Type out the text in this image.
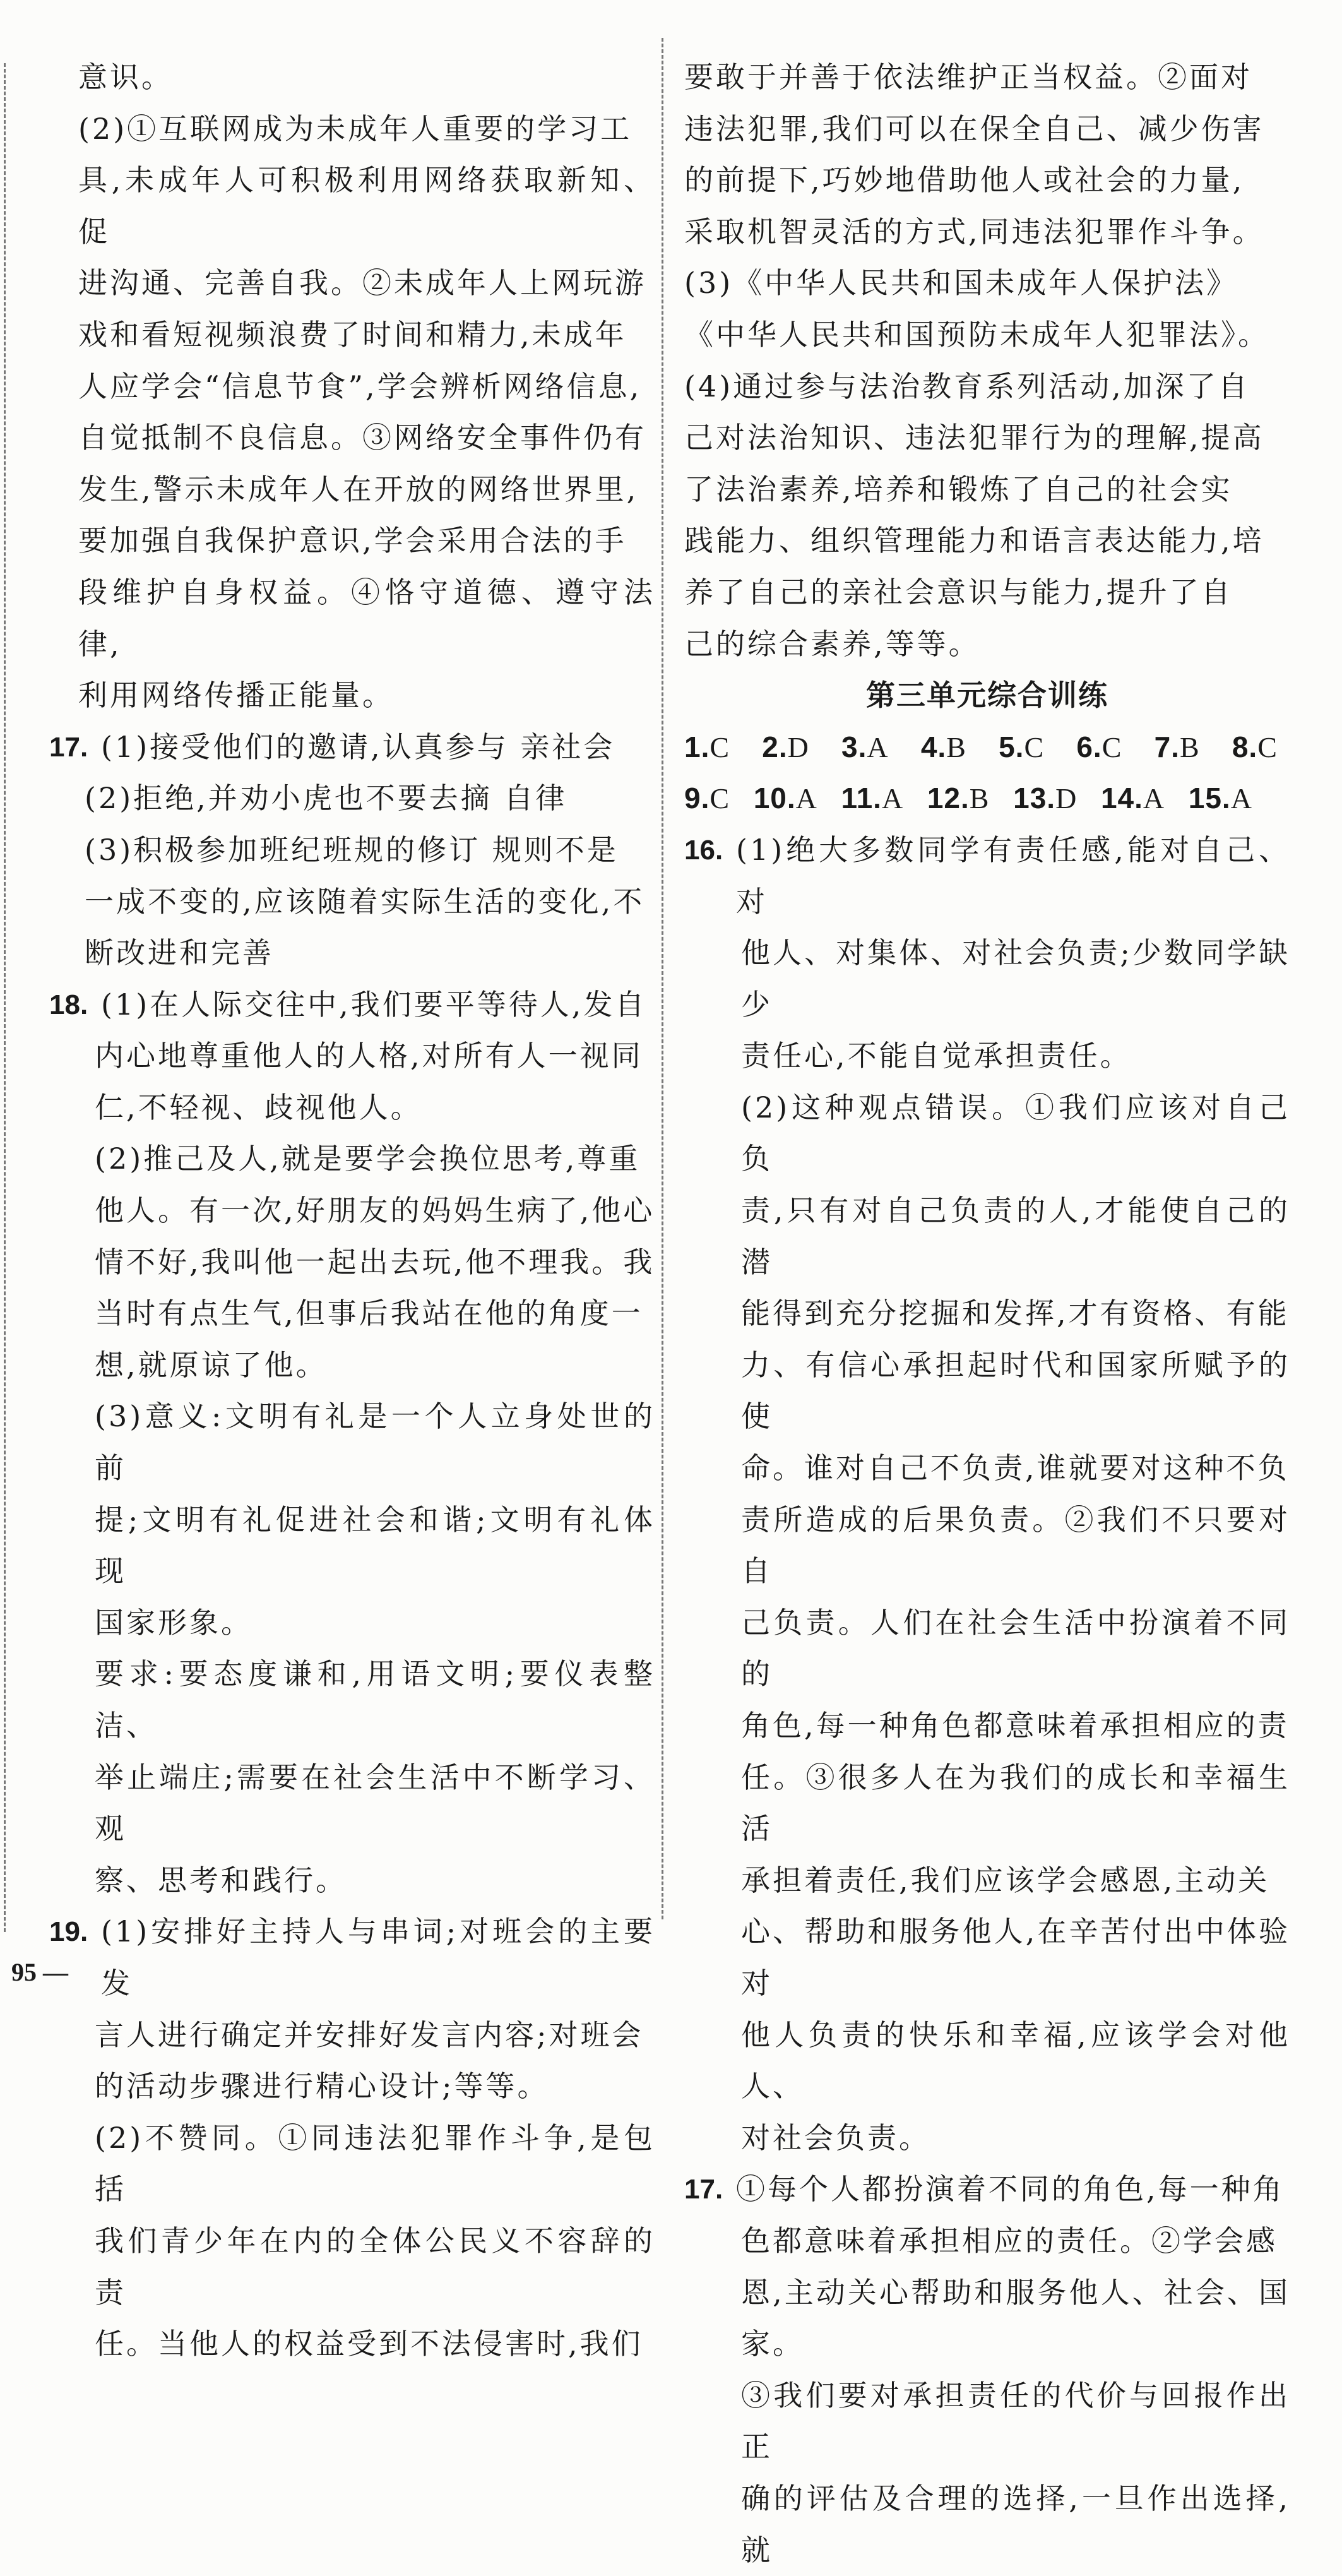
意识。

(2)①互联网成为未成年人重要的学习工

具,未成年人可积极利用网络获取新知、促

进沟通、完善自我。②未成年人上网玩游

戏和看短视频浪费了时间和精力,未成年

人应学会“信息节食”,学会辨析网络信息,

自觉抵制不良信息。③网络安全事件仍有

发生,警示未成年人在开放的网络世界里,

要加强自我保护意识,学会采用合法的手

段维护自身权益。④恪守道德、遵守法律,

利用网络传播正能量。

17. (1)接受他们的邀请,认真参与 亲社会

(2)拒绝,并劝小虎也不要去摘 自律

(3)积极参加班纪班规的修订 规则不是

一成不变的,应该随着实际生活的变化,不

断改进和完善

18. (1)在人际交往中,我们要平等待人,发自

内心地尊重他人的人格,对所有人一视同

仁,不轻视、歧视他人。

(2)推己及人,就是要学会换位思考,尊重

他人。有一次,好朋友的妈妈生病了,他心

情不好,我叫他一起出去玩,他不理我。我

当时有点生气,但事后我站在他的角度一

想,就原谅了他。

(3)意义:文明有礼是一个人立身处世的前

提;文明有礼促进社会和谐;文明有礼体现

国家形象。

要求:要态度谦和,用语文明;要仪表整洁、

举止端庄;需要在社会生活中不断学习、观

察、思考和践行。

19. (1)安排好主持人与串词;对班会的主要发

言人进行确定并安排好发言内容;对班会

的活动步骤进行精心设计;等等。

(2)不赞同。①同违法犯罪作斗争,是包括

我们青少年在内的全体公民义不容辞的责

任。当他人的权益受到不法侵害时,我们

要敢于并善于依法维护正当权益。②面对

违法犯罪,我们可以在保全自己、减少伤害

的前提下,巧妙地借助他人或社会的力量,

采取机智灵活的方式,同违法犯罪作斗争。

(3)《中华人民共和国未成年人保护法》

《中华人民共和国预防未成年人犯罪法》。

(4)通过参与法治教育系列活动,加深了自

己对法治知识、违法犯罪行为的理解,提高

了法治素养,培养和锻炼了自己的社会实

践能力、组织管理能力和语言表达能力,培

养了自己的亲社会意识与能力,提升了自

己的综合素养,等等。

第三单元综合训练
1.C 2.D 3.A 4.B 5.C 6.C 7.B 8.C
9.C 10.A 11.A 12.B 13.D 14.A 15.A

16. (1)绝大多数同学有责任感,能对自己、对

他人、对集体、对社会负责;少数同学缺少

责任心,不能自觉承担责任。

(2)这种观点错误。①我们应该对自己负

责,只有对自己负责的人,才能使自己的潜

能得到充分挖掘和发挥,才有资格、有能

力、有信心承担起时代和国家所赋予的使

命。谁对自己不负责,谁就要对这种不负

责所造成的后果负责。②我们不只要对自

己负责。人们在社会生活中扮演着不同的

角色,每一种角色都意味着承担相应的责

任。③很多人在为我们的成长和幸福生活

承担着责任,我们应该学会感恩,主动关

心、帮助和服务他人,在辛苦付出中体验对

他人负责的快乐和幸福,应该学会对他人、

对社会负责。

17. ①每个人都扮演着不同的角色,每一种角

色都意味着承担相应的责任。②学会感

恩,主动关心帮助和服务他人、社会、国家。

③我们要对承担责任的代价与回报作出正

确的评估及合理的选择,一旦作出选择,就

95 —
